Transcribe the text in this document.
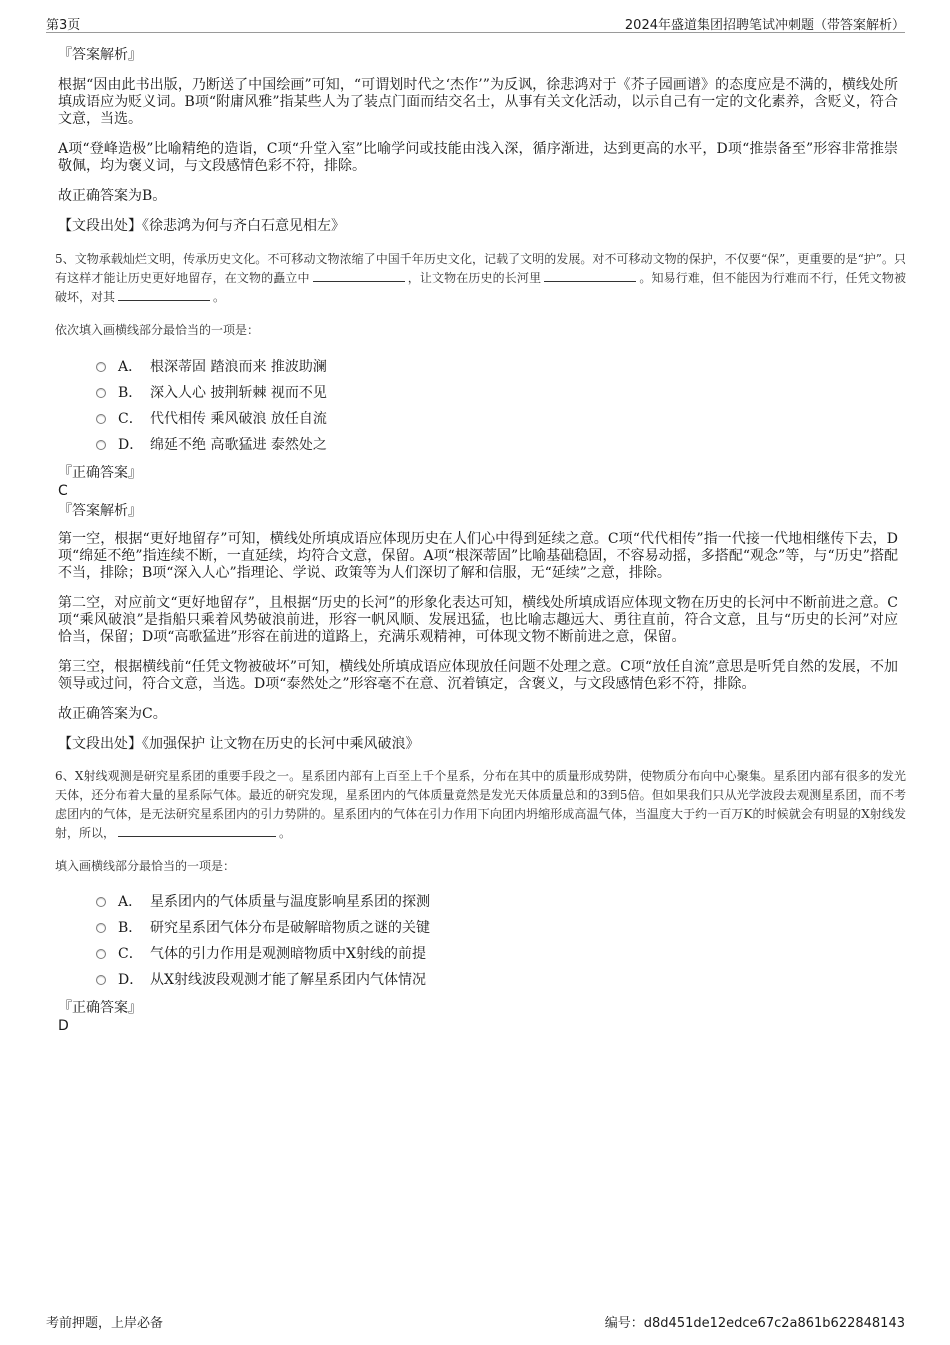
第3页	2024年盛道集团招聘笔试冲刺题（带答案解析）
『答案解析』

根据“因由此书出版，乃断送了中国绘画”可知，“可谓划时代之‘杰作’”为反讽，徐悲鸿对于《芥子园画谱》的态度应是不满的，横线处所填成语应为贬义词。B项“附庸风雅”指某些人为了装点门面而结交名士，从事有关文化活动，以示自己有一定的文化素养，含贬义，符合文意，当选。

A项“登峰造极”比喻精绝的造诣，C项“升堂入室”比喻学问或技能由浅入深，循序渐进，达到更高的水平，D项“推崇备至”形容非常推崇敬佩，均为褒义词，与文段感情色彩不符，排除。

故正确答案为B。

【文段出处】《徐悲鸿为何与齐白石意见相左》
5、文物承载灿烂文明，传承历史文化。不可移动文物浓缩了中国千年历史文化，记载了文明的发展。对不可移动文物的保护，不仅要“保”，更重要的是“护”。只有这样才能让历史更好地留存，在文物的矗立中	，让文物在历史的长河里	。知易行难，但不能因为行难而不行，任凭文物被破坏，对其	。
依次填入画横线部分最恰当的一项是：
A． 根深蒂固 踏浪而来 推波助澜
B． 深入人心 披荆斩棘 视而不见
C． 代代相传 乘风破浪 放任自流
D． 绵延不绝 高歌猛进 泰然处之
『正确答案』
C
『答案解析』

第一空，根据“更好地留存”可知，横线处所填成语应体现历史在人们心中得到延续之意。C项“代代相传”指一代接一代地相继传下去，D项“绵延不绝”指连续不断，一直延续，均符合文意，保留。A项“根深蒂固”比喻基础稳固，不容易动摇，多搭配“观念”等，与“历史”搭配不当，排除；B项“深入人心”指理论、学说、政策等为人们深切了解和信服，无“延续”之意，排除。

第二空，对应前文“更好地留存”，且根据“历史的长河”的形象化表达可知，横线处所填成语应体现文物在历史的长河中不断前进之意。C项“乘风破浪”是指船只乘着风势破浪前进，形容一帆风顺、发展迅猛，也比喻志趣远大、勇往直前，符合文意，且与“历史的长河”对应恰当，保留；D项“高歌猛进”形容在前进的道路上，充满乐观精神，可体现文物不断前进之意，保留。

第三空，根据横线前“任凭文物被破坏”可知，横线处所填成语应体现放任问题不处理之意。C项“放任自流”意思是听凭自然的发展，不加领导或过问，符合文意，当选。D项“泰然处之”形容毫不在意、沉着镇定，含褒义，与文段感情色彩不符，排除。

故正确答案为C。

【文段出处】《加强保护 让文物在历史的长河中乘风破浪》
6、X射线观测是研究星系团的重要手段之一。星系团内部有上百至上千个星系，分布在其中的质量形成势阱，使物质分布向中心聚集。星系团内部有很多的发光天体，还分布着大量的星系际气体。最近的研究发现，星系团内的气体质量竟然是发光天体质量总和的3到5倍。但如果我们只从光学波段去观测星系团，而不考虑团内的气体，是无法研究星系团内的引力势阱的。星系团内的气体在引力作用下向团内坍缩形成高温气体，当温度大于约一百万K的时候就会有明显的X射线发射，所以，	。
填入画横线部分最恰当的一项是：
A． 星系团内的气体质量与温度影响星系团的探测
B． 研究星系团气体分布是破解暗物质之谜的关键
C． 气体的引力作用是观测暗物质中X射线的前提
D． 从X射线波段观测才能了解星系团内气体情况
『正确答案』
D
考前押题，上岸必备	编号：d8d451de12edce67c2a861b622848143
